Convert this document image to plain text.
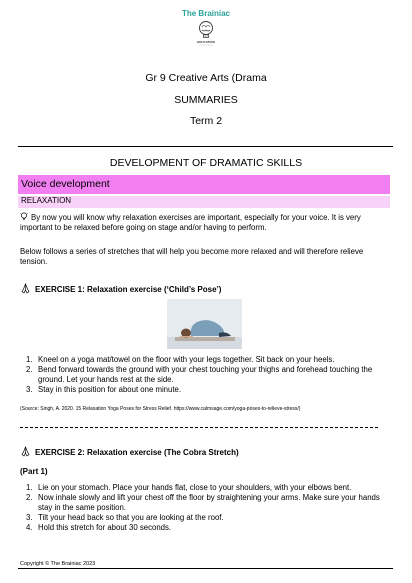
The Brainiac
EDUCATION
Gr 9 Creative Arts (Drama
SUMMARIES
Term 2
DEVELOPMENT OF DRAMATIC SKILLS
Voice development
RELAXATION
By now you will know why relaxation exercises are important, especially for your voice. It is very important to be relaxed before going on stage and/or having to perform.
Below follows a series of stretches that will help you become more relaxed and will therefore relieve tension.
EXERCISE 1: Relaxation exercise (‘Child’s Pose’)
1. Kneel on a yoga mat/towel on the floor with your legs together. Sit back on your heels.
2. Bend forward towards the ground with your chest touching your thighs and forehead touching the ground. Let your hands rest at the side.
3. Stay in this position for about one minute.
(Source: Singh, A. 2020. 15 Relaxation Yoga Poses for Stress Relief. https://www.calmsage.com/yoga-poses-to-relieve-stress/)
EXERCISE 2: Relaxation exercise (The Cobra Stretch)
(Part 1)
1. Lie on your stomach. Place your hands flat, close to your shoulders, with your elbows bent.
2. Now inhale slowly and lift your chest off the floor by straightening your arms. Make sure your hands stay in the same position.
3. Tilt your head back so that you are looking at the roof.
4. Hold this stretch for about 30 seconds.
Copyright © The Brainiac 2023
